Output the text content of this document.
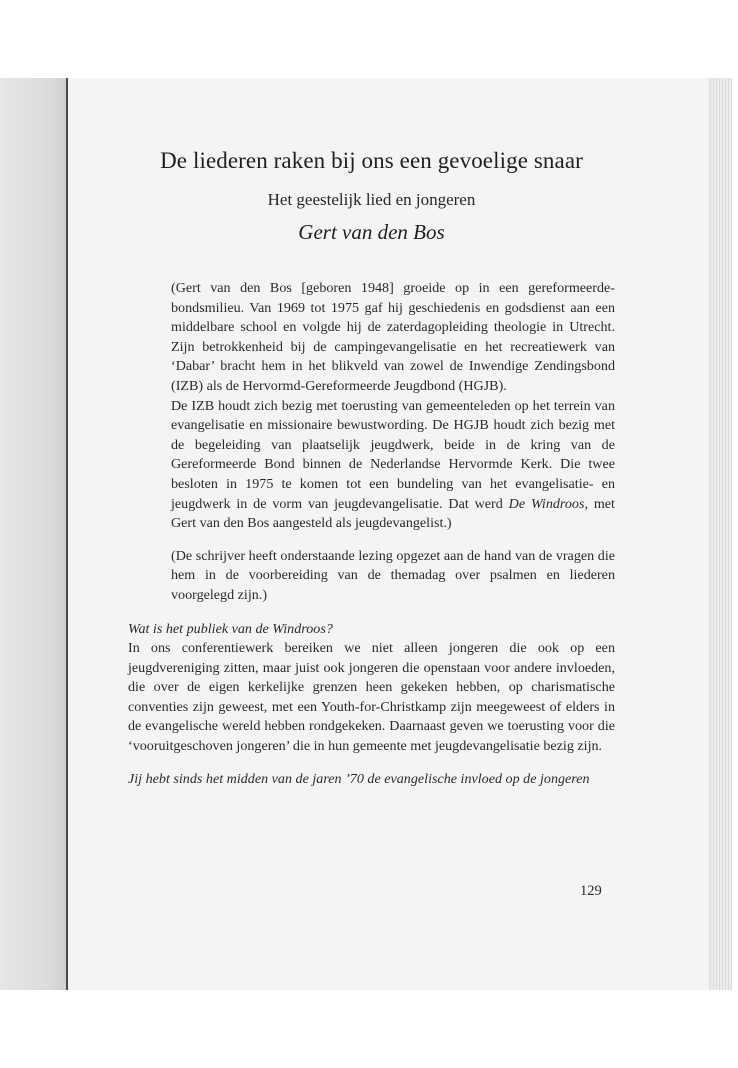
De liederen raken bij ons een gevoelige snaar
Het geestelijk lied en jongeren
Gert van den Bos

(Gert van den Bos [geboren 1948] groeide op in een gereformeerde-bondsmilieu. Van 1969 tot 1975 gaf hij geschiedenis en godsdienst aan een middelbare school en volgde hij de zaterdagopleiding theologie in Utrecht. Zijn betrokkenheid bij de campingevangelisatie en het recreatiewerk van ‘Dabar’ bracht hem in het blikveld van zowel de Inwendige Zendingsbond (IZB) als de Hervormd-Gereformeerde Jeugdbond (HGJB).

De IZB houdt zich bezig met toerusting van gemeenteleden op het terrein van evangelisatie en missionaire bewustwording. De HGJB houdt zich bezig met de begeleiding van plaatselijk jeugdwerk, beide in de kring van de Gereformeerde Bond binnen de Nederlandse Hervormde Kerk. Die twee besloten in 1975 te komen tot een bundeling van het evangelisatie- en jeugdwerk in de vorm van jeugdevangelisatie. Dat werd De Windroos, met Gert van den Bos aangesteld als jeugdevangelist.)

(De schrijver heeft onderstaande lezing opgezet aan de hand van de vragen die hem in de voorbereiding van de themadag over psalmen en liederen voorgelegd zijn.)

Wat is het publiek van de Windroos?

In ons conferentiewerk bereiken we niet alleen jongeren die ook op een jeugdvereniging zitten, maar juist ook jongeren die openstaan voor andere invloeden, die over de eigen kerkelijke grenzen heen gekeken hebben, op charismatische conventies zijn geweest, met een Youth-for-Christkamp zijn meegeweest of elders in de evangelische wereld hebben rondgekeken. Daarnaast geven we toerusting voor die ‘vooruitgeschoven jongeren’ die in hun gemeente met jeugdevangelisatie bezig zijn.

Jij hebt sinds het midden van de jaren ’70 de evangelische invloed op de jongeren
129
